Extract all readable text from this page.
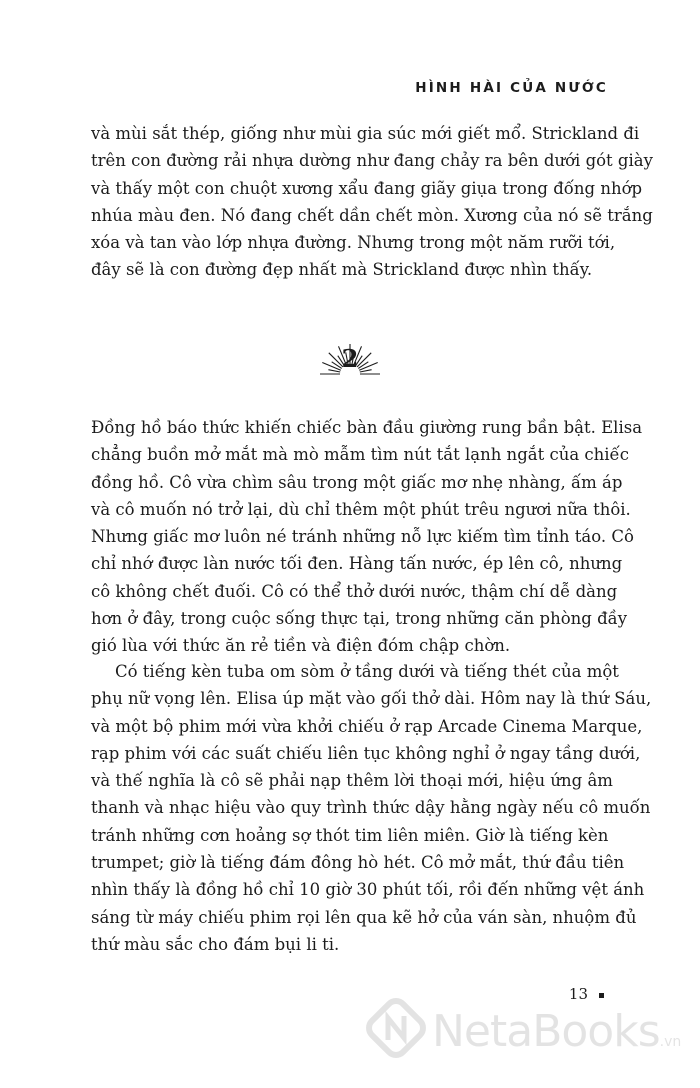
HÌNH HÀI CỦA NƯỚC
và mùi sắt thép, giống như mùi gia súc mới giết mổ. Strickland đi
trên con đường rải nhựa dường như đang chảy ra bên dưới gót giày
và thấy một con chuột xương xẩu đang giãy giụa trong đống nhớp
nhúa màu đen. Nó đang chết dần chết mòn. Xương của nó sẽ trắng
xóa và tan vào lớp nhựa đường. Nhưng trong một năm rưỡi tới,
đây sẽ là con đường đẹp nhất mà Strickland được nhìn thấy.
2
Đồng hồ báo thức khiến chiếc bàn đầu giường rung bần bật. Elisa
chẳng buồn mở mắt mà mò mẫm tìm nút tắt lạnh ngắt của chiếc
đồng hồ. Cô vừa chìm sâu trong một giấc mơ nhẹ nhàng, ấm áp
và cô muốn nó trở lại, dù chỉ thêm một phút trêu ngươi nữa thôi.
Nhưng giấc mơ luôn né tránh những nỗ lực kiếm tìm tỉnh táo. Cô
chỉ nhớ được làn nước tối đen. Hàng tấn nước, ép lên cô, nhưng
cô không chết đuối. Cô có thể thở dưới nước, thậm chí dễ dàng
hơn ở đây, trong cuộc sống thực tại, trong những căn phòng đầy
gió lùa với thức ăn rẻ tiền và điện đóm chập chờn.
Có tiếng kèn tuba om sòm ở tầng dưới và tiếng thét của một
phụ nữ vọng lên. Elisa úp mặt vào gối thở dài. Hôm nay là thứ Sáu,
và một bộ phim mới vừa khởi chiếu ở rạp Arcade Cinema Marque,
rạp phim với các suất chiếu liên tục không nghỉ ở ngay tầng dưới,
và thế nghĩa là cô sẽ phải nạp thêm lời thoại mới, hiệu ứng âm
thanh và nhạc hiệu vào quy trình thức dậy hằng ngày nếu cô muốn
tránh những cơn hoảng sợ thót tim liên miên. Giờ là tiếng kèn
trumpet; giờ là tiếng đám đông hò hét. Cô mở mắt, thứ đầu tiên
nhìn thấy là đồng hồ chỉ 10 giờ 30 phút tối, rồi đến những vệt ánh
sáng từ máy chiếu phim rọi lên qua kẽ hở của ván sàn, nhuộm đủ
thứ màu sắc cho đám bụi li ti.
13
NetaBooks.vn
